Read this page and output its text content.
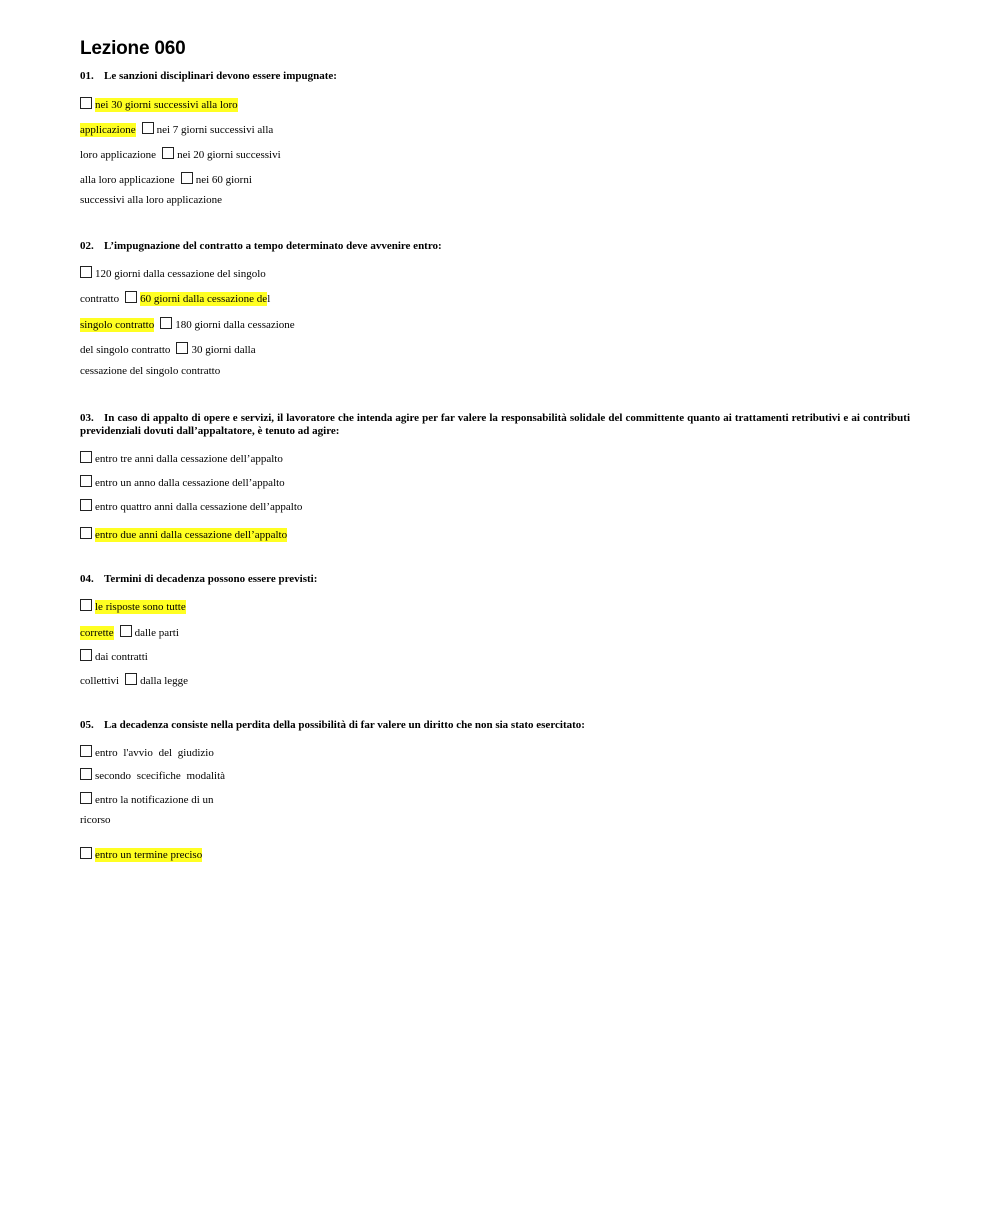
Lezione 060
01. Le sanzioni disciplinari devono essere impugnate:
nei 30 giorni successivi alla loro
applicazione nei 7 giorni successivi alla
loro applicazione nei 20 giorni successivi
alla loro applicazione nei 60 giorni
successivi alla loro applicazione
02. L’impugnazione del contratto a tempo determinato deve avvenire entro:
120 giorni dalla cessazione del singolo
contratto 60 giorni dalla cessazione del
singolo contratto 180 giorni dalla cessazione
del singolo contratto 30 giorni dalla
cessazione del singolo contratto
03. In caso di appalto di opere e servizi, il lavoratore che intenda agire per far valere la responsabilità solidale del committente quanto ai trattamenti retributivi e ai contributi previdenziali dovuti dall’appaltatore, è tenuto ad agire:
entro tre anni dalla cessazione dell’appalto
entro un anno dalla cessazione dell’appalto
entro quattro anni dalla cessazione dell’appalto
entro due anni dalla cessazione dell’appalto
04. Termini di decadenza possono essere previsti:
le risposte sono tutte
corrette dalle parti
dai contratti
collettivi dalla legge
05. La decadenza consiste nella perdita della possibilità di far valere un diritto che non sia stato esercitato:
entro l'avvio del giudizio
secondo scecifiche modalità
entro la notificazione di un
ricorso
entro un termine preciso
